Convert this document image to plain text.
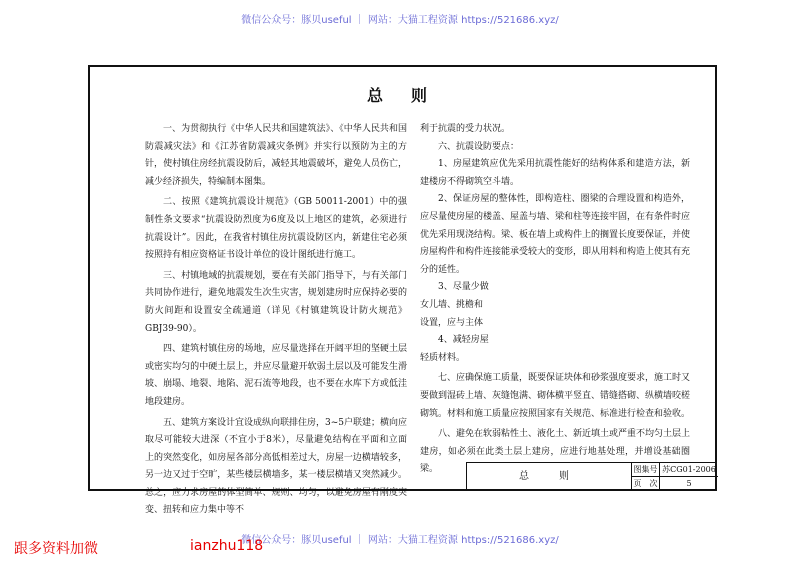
微信公众号：豚贝useful ｜ 网站：大猫工程资源 https://521686.xyz/
总　则

一、为贯彻执行《中华人民共和国建筑法》、《中华人民共和国防震减灾法》和《江苏省防震减灾条例》并实行以预防为主的方针，使村镇住房经抗震设防后，减轻其地震破坏，避免人员伤亡，减少经济损失，特编制本图集。

二、按照《建筑抗震设计规范》（GB 50011-2001）中的强制性条文要求“抗震设防烈度为6度及以上地区的建筑，必须进行抗震设计”。因此，在我省村镇住房抗震设防区内，新建住宅必须按照持有相应资格证书设计单位的设计图纸进行施工。

三、村镇地域的抗震规划，要在有关部门指导下，与有关部门共同协作进行，避免地震发生次生灾害，规划建房时应保持必要的防火间距和设置安全疏通道（详见《村镇建筑设计防火规范》GBJ39-90）。

四、建筑村镇住房的场地，应尽量选择在开阔平坦的坚硬土层或密实均匀的中硬土层上，并应尽量避开软弱土层以及可能发生滑坡、崩塌、地裂、地陷、泥石流等地段，也不要在水库下方或低洼地段建房。

五、建筑方案设计宜设成纵向联排住房，3~5户联建；横向应取尽可能较大进深（不宜小于8米），尽量避免结构在平面和立面上的突然变化，如房屋各部分高低相差过大，房屋一边横墙较多，另一边又过于空旷，某些楼层横墙多，某一楼层横墙又突然减少。总之，应力求房屋的体型简单、规则、均匀，以避免房屋有刚度突变、扭转和应力集中等不

利于抗震的受力状况。

六、抗震设防要点：

1、房屋建筑应优先采用抗震性能好的结构体系和建造方法，新建楼房不得砌筑空斗墙。

2、保证房屋的整体性，即构造柱、圈梁的合理设置和构造外，应尽量使房屋的楼盖、屋盖与墙、梁和柱等连接牢固，在有条件时应优先采用现浇结构。梁、板在墙上或构件上的搁置长度要保证，并使房屋构件和构件连接能承受较大的变形，即从用料和构造上使其有充分的延性。

3、尽量少做

女儿墙、挑檐和

设置，应与主体

4、减轻房屋

轻质材料。

七、应确保施工质量，既要保证块体和砂浆强度要求，施工时又要做到湿砖上墙、灰缝饱满、砌体横平竖直、错缝搭砌、纵横墙咬槎砌筑。材料和施工质量应按照国家有关规范、标准进行检查和验收。

八、避免在软弱粘性土、液化土、新近填土或严重不均匀土层上建房，如必须在此类土层上建房，应进行地基处理，并增设基础圈梁。

总　则
图集号 苏CG01-2006
页　次	5
微信公众号：豚贝useful ｜ 网站：大猫工程资源 https://521686.xyz/
跟多资料加微	ianzhu118
